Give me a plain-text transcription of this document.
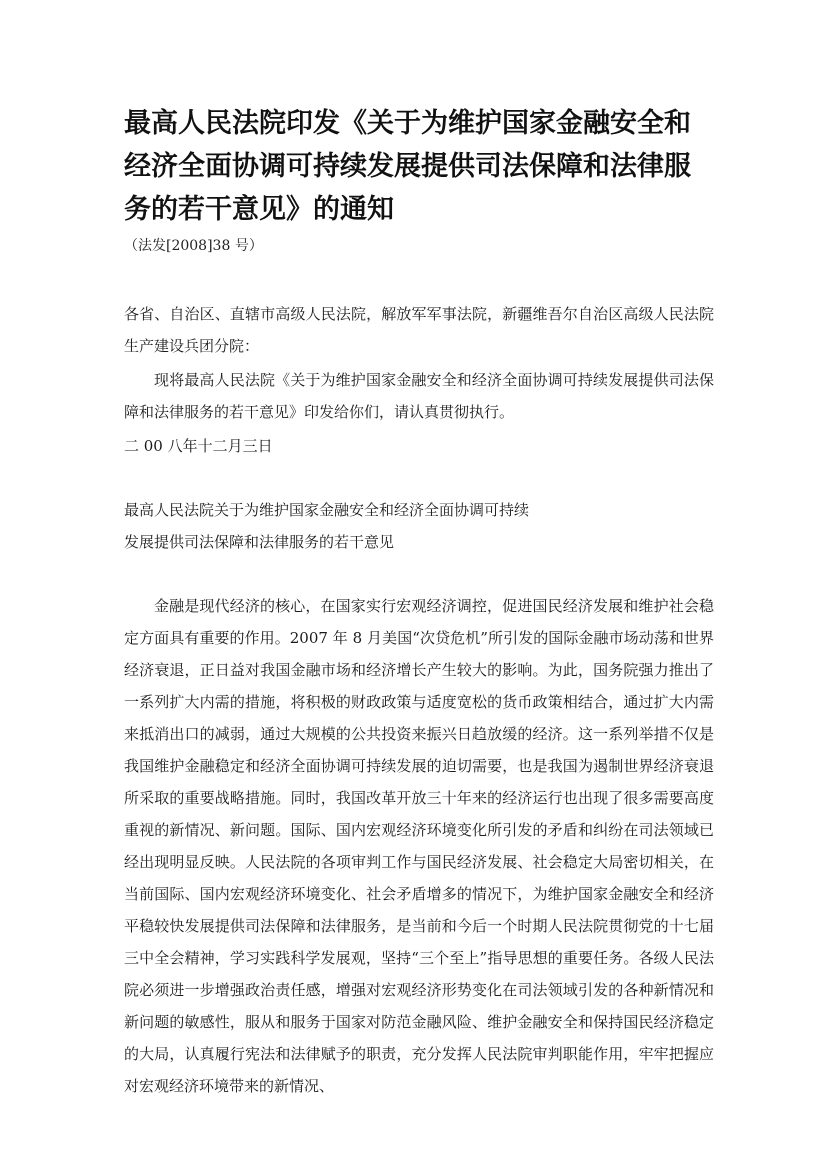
最高人民法院印发《关于为维护国家金融安全和经济全面协调可持续发展提供司法保障和法律服务的若干意见》的通知
（法发[2008]38 号）

各省、自治区、直辖市高级人民法院，解放军军事法院，新疆维吾尔自治区高级人民法院生产建设兵团分院：

现将最高人民法院《关于为维护国家金融安全和经济全面协调可持续发展提供司法保障和法律服务的若干意见》印发给你们，请认真贯彻执行。

二 00 八年十二月三日

最高人民法院关于为维护国家金融安全和经济全面协调可持续

发展提供司法保障和法律服务的若干意见

金融是现代经济的核心，在国家实行宏观经济调控，促进国民经济发展和维护社会稳定方面具有重要的作用。2007 年 8 月美国“次贷危机”所引发的国际金融市场动荡和世界经济衰退，正日益对我国金融市场和经济增长产生较大的影响。为此，国务院强力推出了一系列扩大内需的措施，将积极的财政政策与适度宽松的货币政策相结合，通过扩大内需来抵消出口的减弱，通过大规模的公共投资来振兴日趋放缓的经济。这一系列举措不仅是我国维护金融稳定和经济全面协调可持续发展的迫切需要，也是我国为遏制世界经济衰退所采取的重要战略措施。同时，我国改革开放三十年来的经济运行也出现了很多需要高度重视的新情况、新问题。国际、国内宏观经济环境变化所引发的矛盾和纠纷在司法领域已经出现明显反映。人民法院的各项审判工作与国民经济发展、社会稳定大局密切相关，在当前国际、国内宏观经济环境变化、社会矛盾增多的情况下，为维护国家金融安全和经济平稳较快发展提供司法保障和法律服务，是当前和今后一个时期人民法院贯彻党的十七届三中全会精神，学习实践科学发展观，坚持“三个至上”指导思想的重要任务。各级人民法院必须进一步增强政治责任感，增强对宏观经济形势变化在司法领域引发的各种新情况和新问题的敏感性，服从和服务于国家对防范金融风险、维护金融安全和保持国民经济稳定的大局，认真履行宪法和法律赋予的职责，充分发挥人民法院审判职能作用，牢牢把握应对宏观经济环境带来的新情况、
